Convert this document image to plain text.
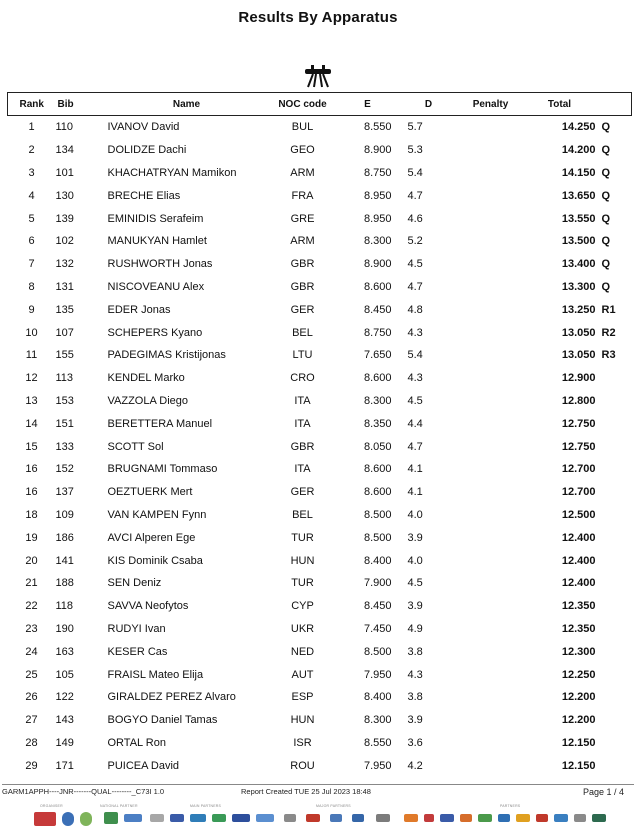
Results By Apparatus
Rank	Bib	Name	NOC code	E	D	Penalty	Total	
1	110	IVANOV David	BUL	8.550	5.7		14.250	Q
2	134	DOLIDZE Dachi	GEO	8.900	5.3		14.200	Q
3	101	KHACHATRYAN Mamikon	ARM	8.750	5.4		14.150	Q
4	130	BRECHE Elias	FRA	8.950	4.7		13.650	Q
5	139	EMINIDIS Serafeim	GRE	8.950	4.6		13.550	Q
6	102	MANUKYAN Hamlet	ARM	8.300	5.2		13.500	Q
7	132	RUSHWORTH Jonas	GBR	8.900	4.5		13.400	Q
8	131	NISCOVEANU Alex	GBR	8.600	4.7		13.300	Q
9	135	EDER Jonas	GER	8.450	4.8		13.250	R1
10	107	SCHEPERS Kyano	BEL	8.750	4.3		13.050	R2
11	155	PADEGIMAS Kristijonas	LTU	7.650	5.4		13.050	R3
12	113	KENDEL Marko	CRO	8.600	4.3		12.900	
13	153	VAZZOLA Diego	ITA	8.300	4.5		12.800	
14	151	BERETTERA Manuel	ITA	8.350	4.4		12.750	
15	133	SCOTT Sol	GBR	8.050	4.7		12.750	
16	152	BRUGNAMI Tommaso	ITA	8.600	4.1		12.700	
16	137	OEZTUERK Mert	GER	8.600	4.1		12.700	
18	109	VAN KAMPEN Fynn	BEL	8.500	4.0		12.500	
19	186	AVCI Alperen Ege	TUR	8.500	3.9		12.400	
20	141	KIS Dominik Csaba	HUN	8.400	4.0		12.400	
21	188	SEN Deniz	TUR	7.900	4.5		12.400	
22	118	SAVVA Neofytos	CYP	8.450	3.9		12.350	
23	190	RUDYI Ivan	UKR	7.450	4.9		12.350	
24	163	KESER Cas	NED	8.500	3.8		12.300	
25	105	FRAISL Mateo Elija	AUT	7.950	4.3		12.250	
26	122	GIRALDEZ PEREZ Alvaro	ESP	8.400	3.8		12.200	
27	143	BOGYO Daniel Tamas	HUN	8.300	3.9		12.200	
28	149	ORTAL Ron	ISR	8.550	3.6		12.150	
29	171	PUICEA David	ROU	7.950	4.2		12.150	
GARM1APPH----JNR-------QUAL--------_C73I 1.0	Report Created TUE 25 Jul 2023 18:48	Page 1 / 4
ORGANISER	NATIONAL PARTNER	MAIN PARTNERS	MAJOR PARTNERS	PARTNERS
